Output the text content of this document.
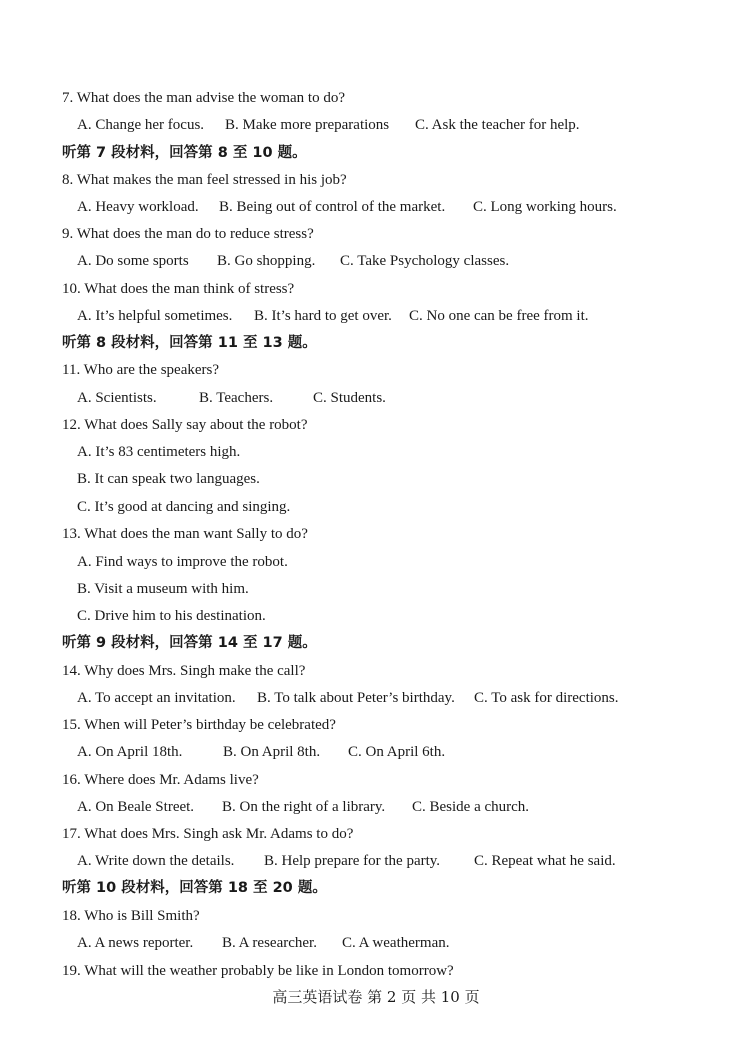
7. What does the man advise the woman to do?
A. Change her focus. B. Make more preparations C. Ask the teacher for help.
听第 7 段材料，回答第 8 至 10 题。
8. What makes the man feel stressed in his job?
A. Heavy workload. B. Being out of control of the market. C. Long working hours.
9. What does the man do to reduce stress?
A. Do some sports B. Go shopping. C. Take Psychology classes.
10. What does the man think of stress?
A. It’s helpful sometimes. B. It’s hard to get over. C. No one can be free from it.
听第 8 段材料，回答第 11 至 13 题。
11. Who are the speakers?
A. Scientists.	B. Teachers.	C. Students.
12. What does Sally say about the robot?
A. It’s 83 centimeters high.
B. It can speak two languages.
C. It’s good at dancing and singing.
13. What does the man want Sally to do?
A. Find ways to improve the robot.
B. Visit a museum with him.
C. Drive him to his destination.
听第 9 段材料，回答第 14 至 17 题。
14. Why does Mrs. Singh make the call?
A. To accept an invitation. B. To talk about Peter’s birthday. C. To ask for directions.
15. When will Peter’s birthday be celebrated?
A. On April 18th.	B. On April 8th. C. On April 6th.
16. Where does Mr. Adams live?
A. On Beale Street. B. On the right of a library. C. Beside a church.
17. What does Mrs. Singh ask Mr. Adams to do?
A. Write down the details. B. Help prepare for the party. C. Repeat what he said.
听第 10 段材料，回答第 18 至 20 题。
18. Who is Bill Smith?
A. A news reporter. B. A researcher. C. A weatherman.
19. What will the weather probably be like in London tomorrow?
高三英语试卷 第 2 页 共 10 页
